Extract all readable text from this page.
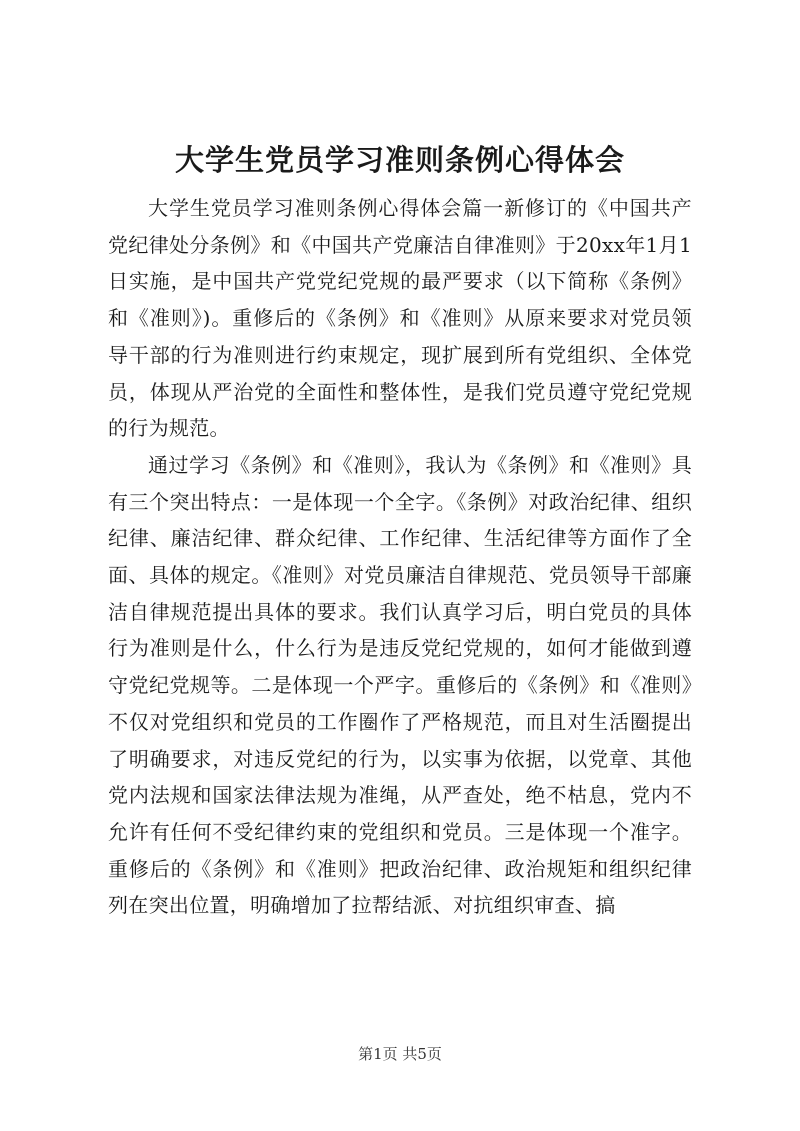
大学生党员学习准则条例心得体会

大学生党员学习准则条例心得体会篇一新修订的《中国共产党纪律处分条例》和《中国共产党廉洁自律准则》于20xx年1月1日实施，是中国共产党党纪党规的最严要求（以下简称《条例》和《准则》)。重修后的《条例》和《准则》从原来要求对党员领导干部的行为准则进行约束规定，现扩展到所有党组织、全体党员，体现从严治党的全面性和整体性，是我们党员遵守党纪党规的行为规范。

通过学习《条例》和《准则》，我认为《条例》和《准则》具有三个突出特点：一是体现一个全字。《条例》对政治纪律、组织纪律、廉洁纪律、群众纪律、工作纪律、生活纪律等方面作了全面、具体的规定。《准则》对党员廉洁自律规范、党员领导干部廉洁自律规范提出具体的要求。我们认真学习后，明白党员的具体行为准则是什么，什么行为是违反党纪党规的，如何才能做到遵守党纪党规等。二是体现一个严字。重修后的《条例》和《准则》不仅对党组织和党员的工作圈作了严格规范，而且对生活圈提出了明确要求，对违反党纪的行为，以实事为依据，以党章、其他党内法规和国家法律法规为准绳，从严查处，绝不枯息，党内不允许有任何不受纪律约束的党组织和党员。三是体现一个准字。重修后的《条例》和《准则》把政治纪律、政治规矩和组织纪律列在突出位置，明确增加了拉帮结派、对抗组织审查、搞

第1页 共5页
